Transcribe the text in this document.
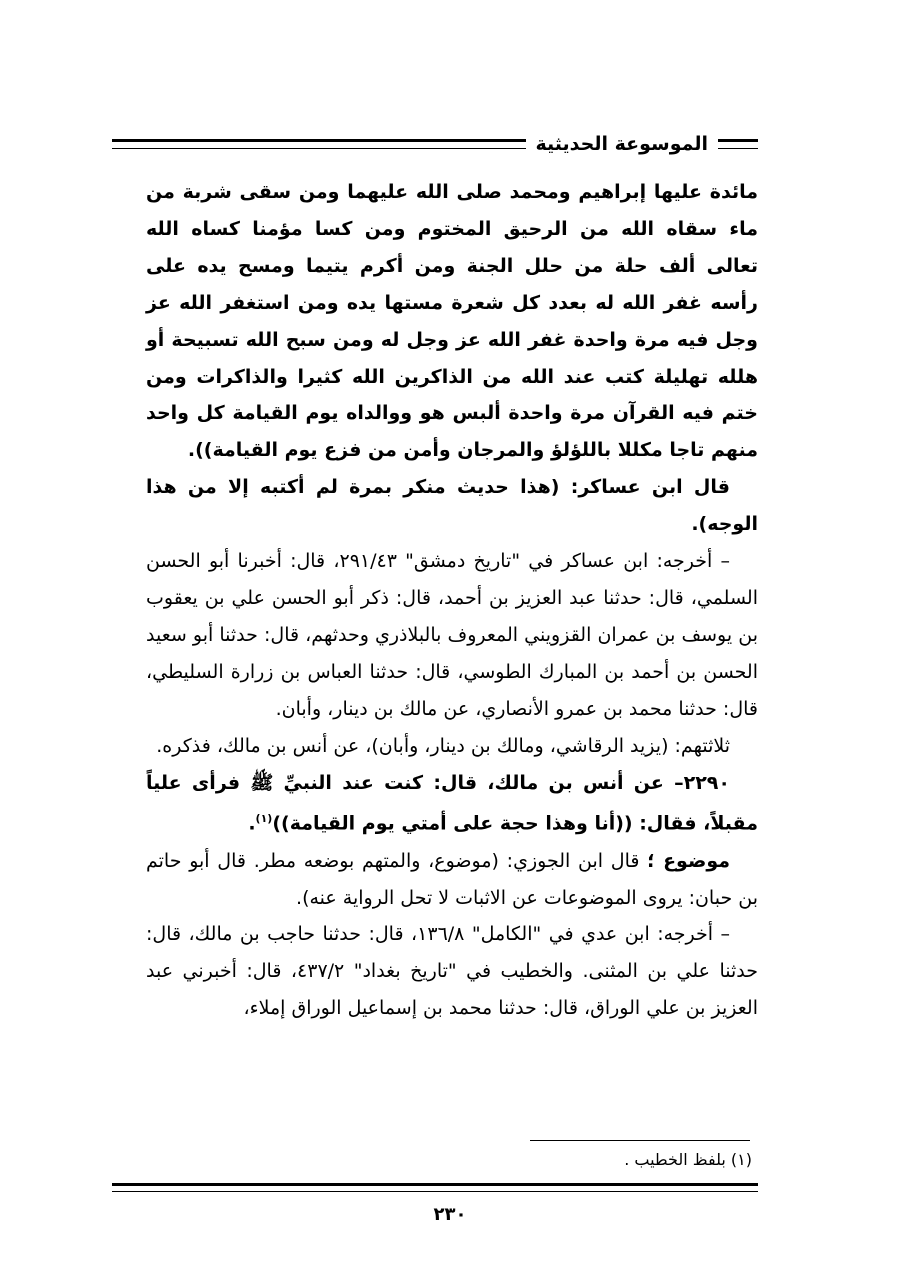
الموسوعة الحديثية

مائدة عليها إبراهيم ومحمد صلى الله عليهما ومن سقى شربة من ماء سقاه الله من الرحيق المختوم ومن كسا مؤمنا كساه الله تعالى ألف حلة من حلل الجنة ومن أكرم يتيما ومسح يده على رأسه غفر الله له بعدد كل شعرة مستها يده ومن استغفر الله عز وجل فيه مرة واحدة غفر الله عز وجل له ومن سبح الله تسبيحة أو هلله تهليلة كتب عند الله من الذاكرين الله كثيرا والذاكرات ومن ختم فيه القرآن مرة واحدة ألبس هو ووالداه يوم القيامة كل واحد منهم تاجا مكللا باللؤلؤ والمرجان وأمن من فزع يوم القيامة)).

قال ابن عساكر: (هذا حديث منكر بمرة لم أكتبه إلا من هذا الوجه).

– أخرجه: ابن عساكر في "تاريخ دمشق" ٢٩١/٤٣، قال: أخبرنا أبو الحسن السلمي، قال: حدثنا عبد العزيز بن أحمد، قال: ذكر أبو الحسن علي بن يعقوب بن يوسف بن عمران القزويني المعروف بالبلاذري وحدثهم، قال: حدثنا أبو سعيد الحسن بن أحمد بن المبارك الطوسي، قال: حدثنا العباس بن زرارة السليطي، قال: حدثنا محمد بن عمرو الأنصاري، عن مالك بن دينار، وأبان.

ثلاثتهم: (يزيد الرقاشي، ومالك بن دينار، وأبان)، عن أنس بن مالك، فذكره.

٢٢٩٠– عن أنس بن مالك، قال: كنت عند النبيِّ ﷺ فرأى علياً مقبلاً، فقال: ((أنا وهذا حجة على أمتي يوم القيامة))$^{(١)}$.

موضوع ؛ قال ابن الجوزي: (موضوع، والمتهم بوضعه مطر. قال أبو حاتم بن حبان: يروى الموضوعات عن الاثبات لا تحل الرواية عنه).

– أخرجه: ابن عدي في "الكامل" ١٣٦/٨، قال: حدثنا حاجب بن مالك، قال: حدثنا علي بن المثنى. والخطيب في "تاريخ بغداد" ٤٣٧/٢، قال: أخبرني عبد العزيز بن علي الوراق، قال: حدثنا محمد بن إسماعيل الوراق إملاء،

(١) بلفظ الخطيب .
٢٣٠
